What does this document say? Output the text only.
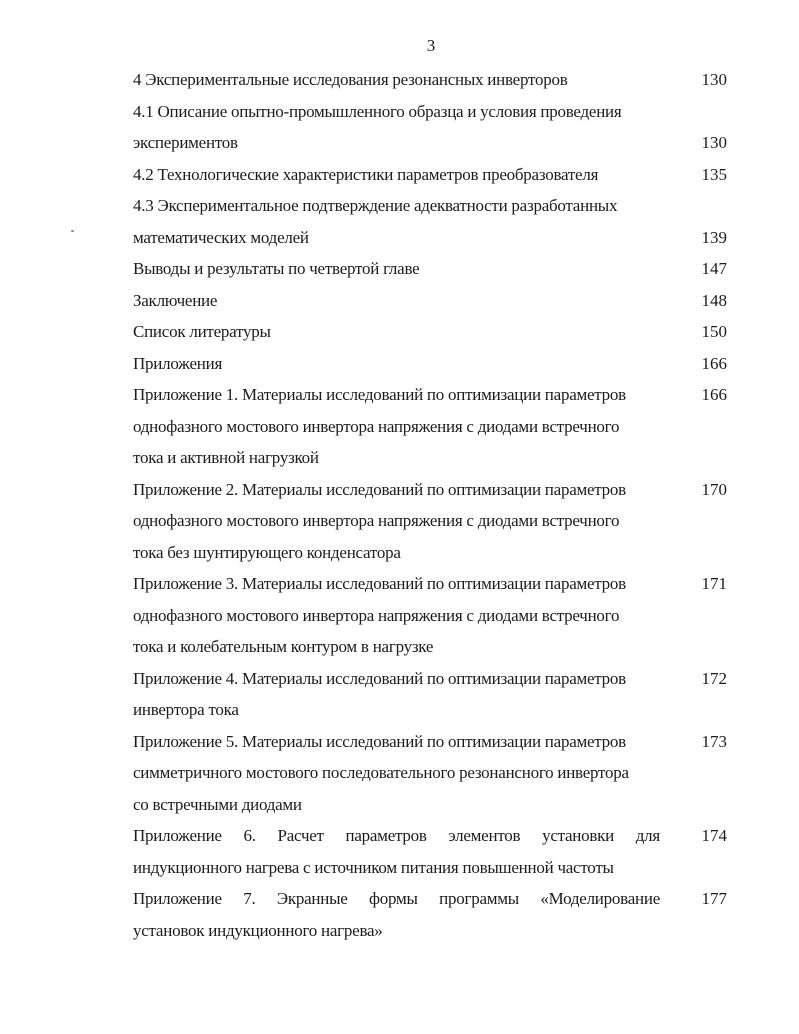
3
4 Экспериментальные исследования резонансных инверторов	130
4.1 Описание опытно-промышленного образца и условия проведения
экспериментов	130
4.2 Технологические характеристики параметров преобразователя	135
4.3 Экспериментальное подтверждение адекватности разработанных
математических моделей	139
Выводы и результаты по четвертой главе	147
Заключение	148
Список литературы	150
Приложения	166
Приложение 1. Материалы исследований по оптимизации параметров	166
однофазного мостового инвертора напряжения с диодами встречного
тока и активной нагрузкой
Приложение 2. Материалы исследований по оптимизации параметров	170
однофазного мостового инвертора напряжения с диодами встречного
тока без шунтирующего конденсатора
Приложение 3. Материалы исследований по оптимизации параметров	171
однофазного мостового инвертора напряжения с диодами встречного
тока и колебательным контуром в нагрузке
Приложение 4. Материалы исследований по оптимизации параметров	172
инвертора тока
Приложение 5. Материалы исследований по оптимизации параметров	173
симметричного мостового последовательного резонансного инвертора
со встречными диодами
Приложение 6. Расчет параметров элементов установки для	174
индукционного нагрева с источником питания повышенной частоты
Приложение 7. Экранные формы программы «Моделирование	177
установок индукционного нагрева»
